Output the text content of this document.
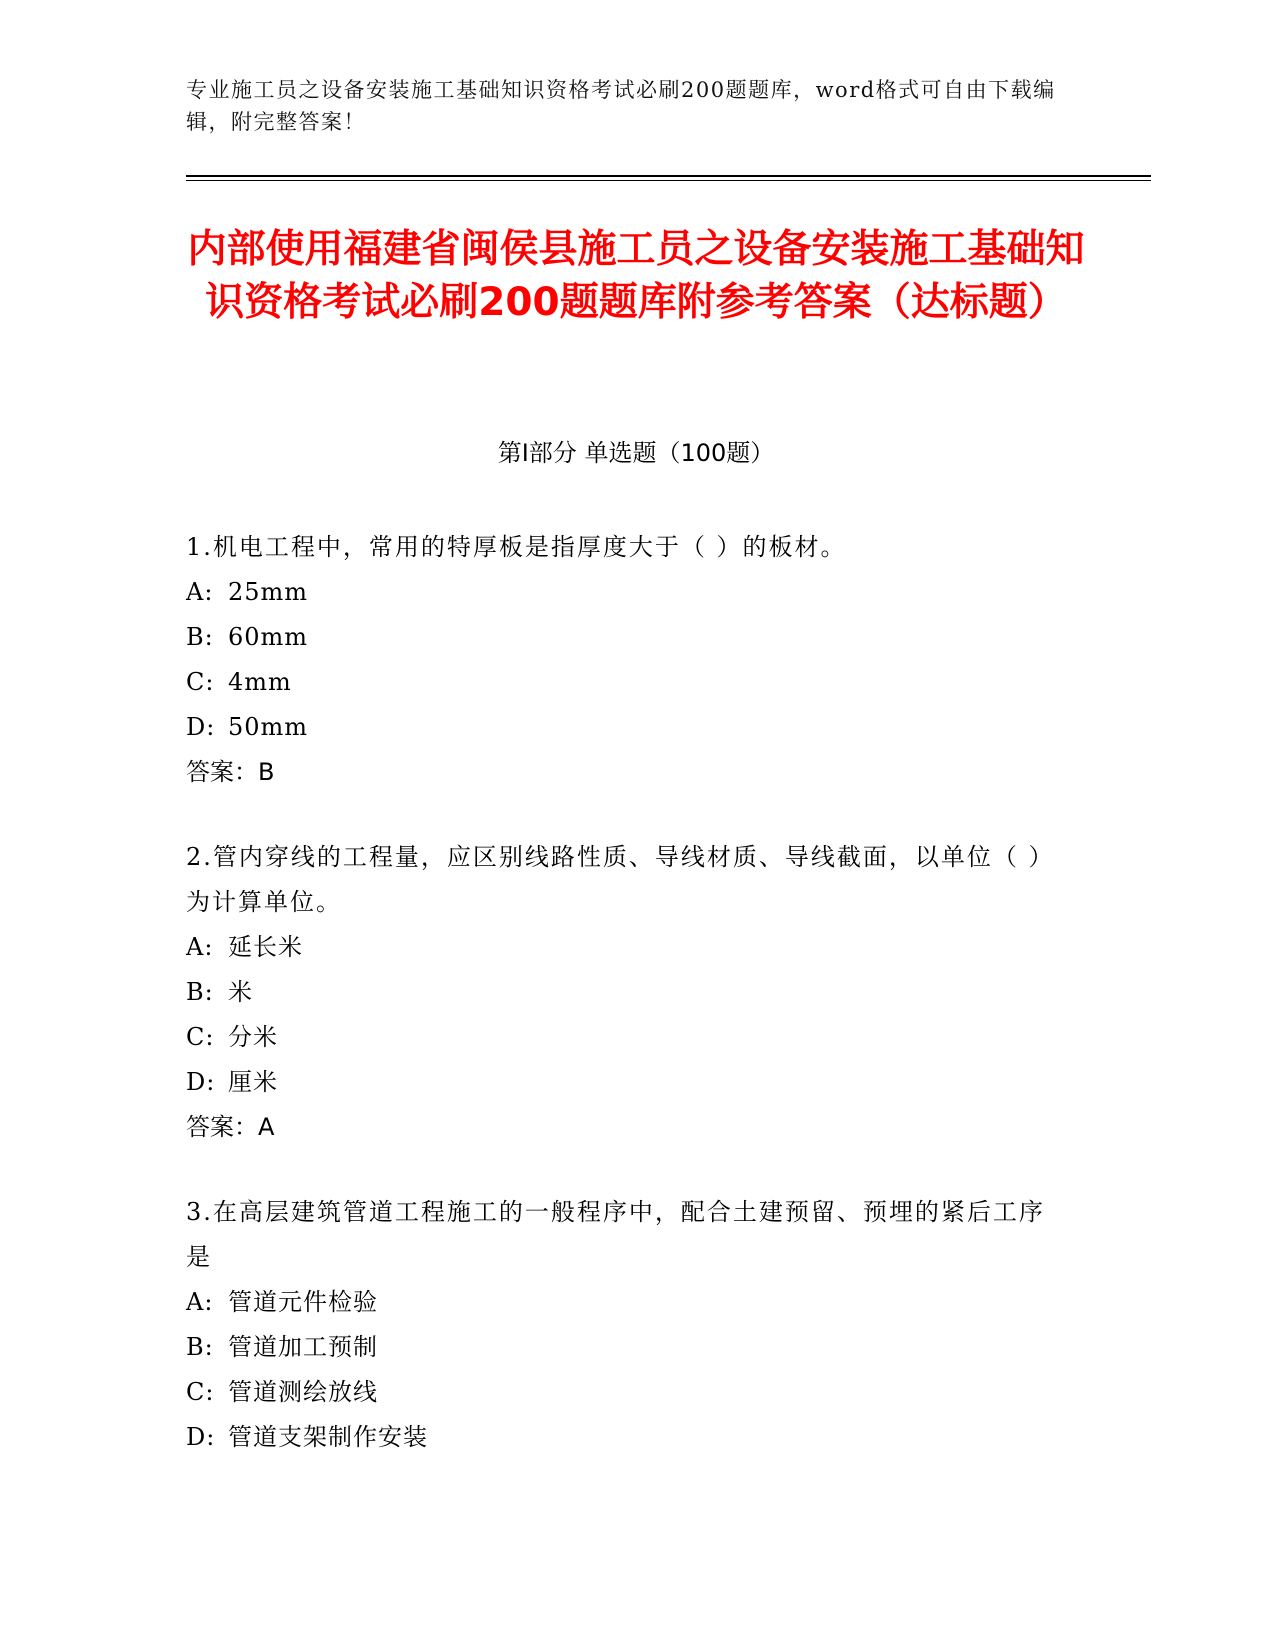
专业施工员之设备安装施工基础知识资格考试必刷200题题库，word格式可自由下载编辑，附完整答案！
内部使用福建省闽侯县施工员之设备安装施工基础知识资格考试必刷200题题库附参考答案（达标题）
第I部分 单选题（100题）

1.机电工程中，常用的特厚板是指厚度大于（ ）的板材。

A: 25mm

B: 60mm

C: 4mm

D: 50mm

答案：B

2.管内穿线的工程量，应区别线路性质、导线材质、导线截面，以单位（ ）为计算单位。

A: 延长米

B: 米

C: 分米

D: 厘米

答案：A

3.在高层建筑管道工程施工的一般程序中，配合土建预留、预埋的紧后工序是

A: 管道元件检验

B: 管道加工预制

C: 管道测绘放线

D: 管道支架制作安装
